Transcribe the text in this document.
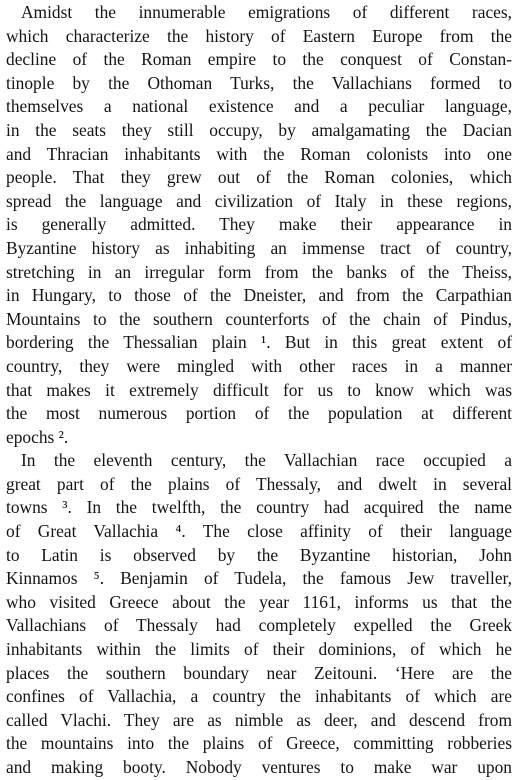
Amidst the innumerable emigrations of different races,
which characterize the history of Eastern Europe from the
decline of the Roman empire to the conquest of Constan-
tinople by the Othoman Turks, the Vallachians formed to
themselves a national existence and a peculiar language,
in the seats they still occupy, by amalgamating the Dacian
and Thracian inhabitants with the Roman colonists into one
people. That they grew out of the Roman colonies, which
spread the language and civilization of Italy in these regions,
is generally admitted. They make their appearance in
Byzantine history as inhabiting an immense tract of country,
stretching in an irregular form from the banks of the Theiss,
in Hungary, to those of the Dneister, and from the Carpathian
Mountains to the southern counterforts of the chain of Pindus,
bordering the Thessalian plain ¹. But in this great extent of
country, they were mingled with other races in a manner
that makes it extremely difficult for us to know which was
the most numerous portion of the population at different
epochs ².
In the eleventh century, the Vallachian race occupied a
great part of the plains of Thessaly, and dwelt in several
towns ³. In the twelfth, the country had acquired the name
of Great Vallachia ⁴. The close affinity of their language
to Latin is observed by the Byzantine historian, John
Kinnamos ⁵. Benjamin of Tudela, the famous Jew traveller,
who visited Greece about the year 1161, informs us that the
Vallachians of Thessaly had completely expelled the Greek
inhabitants within the limits of their dominions, of which he
places the southern boundary near Zeitouni. ‘Here are the
confines of Vallachia, a country the inhabitants of which are
called Vlachi. They are as nimble as deer, and descend from
the mountains into the plains of Greece, committing robberies
and making booty. Nobody ventures to make war upon
